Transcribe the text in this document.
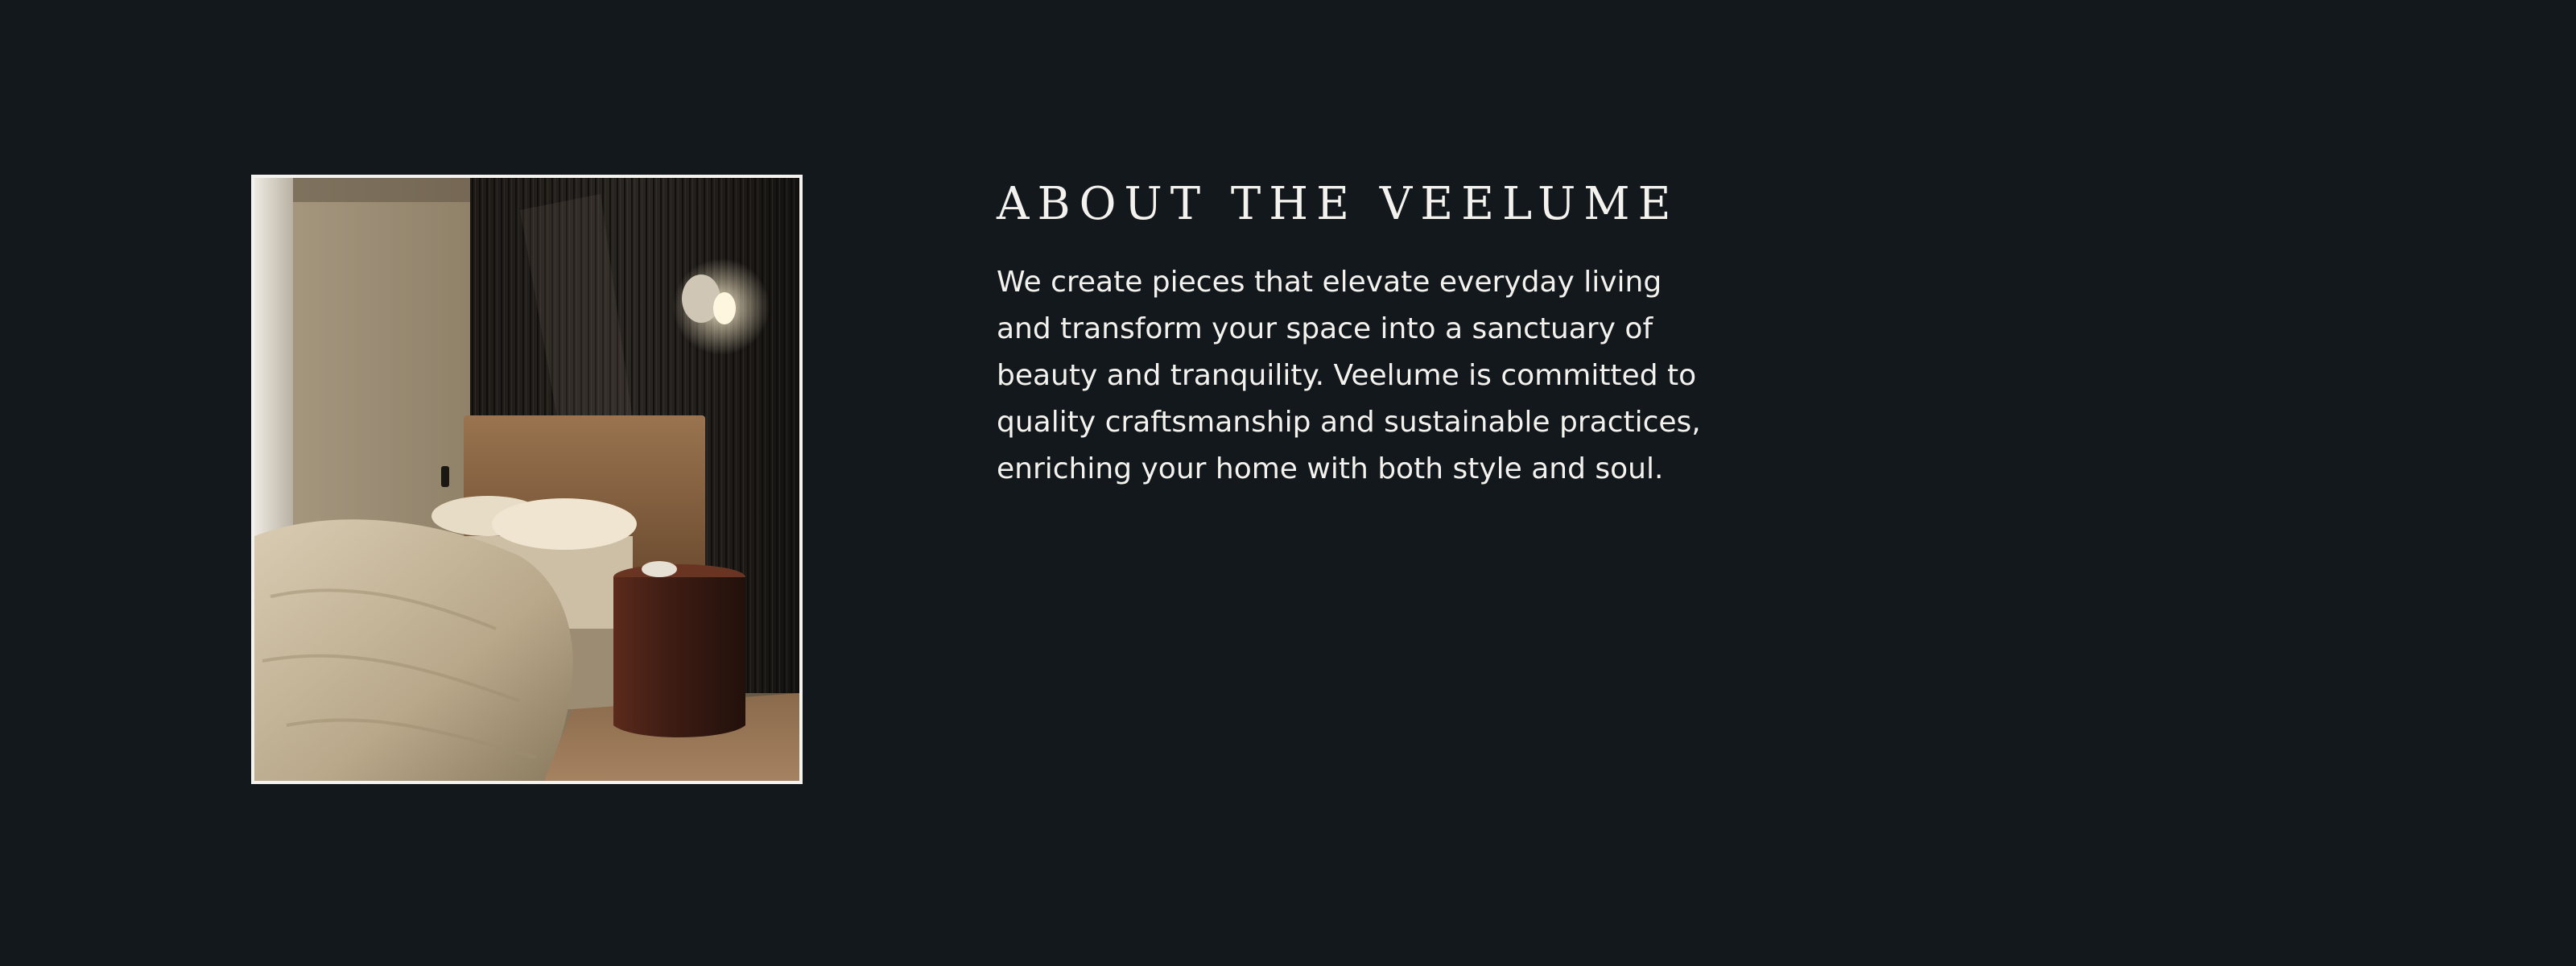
ABOUT THE VEELUME

We create pieces that elevate everyday living and transform your space into a sanctuary of beauty and tranquility. Veelume is committed to quality craftsmanship and sustainable practices, enriching your home with both style and soul.
